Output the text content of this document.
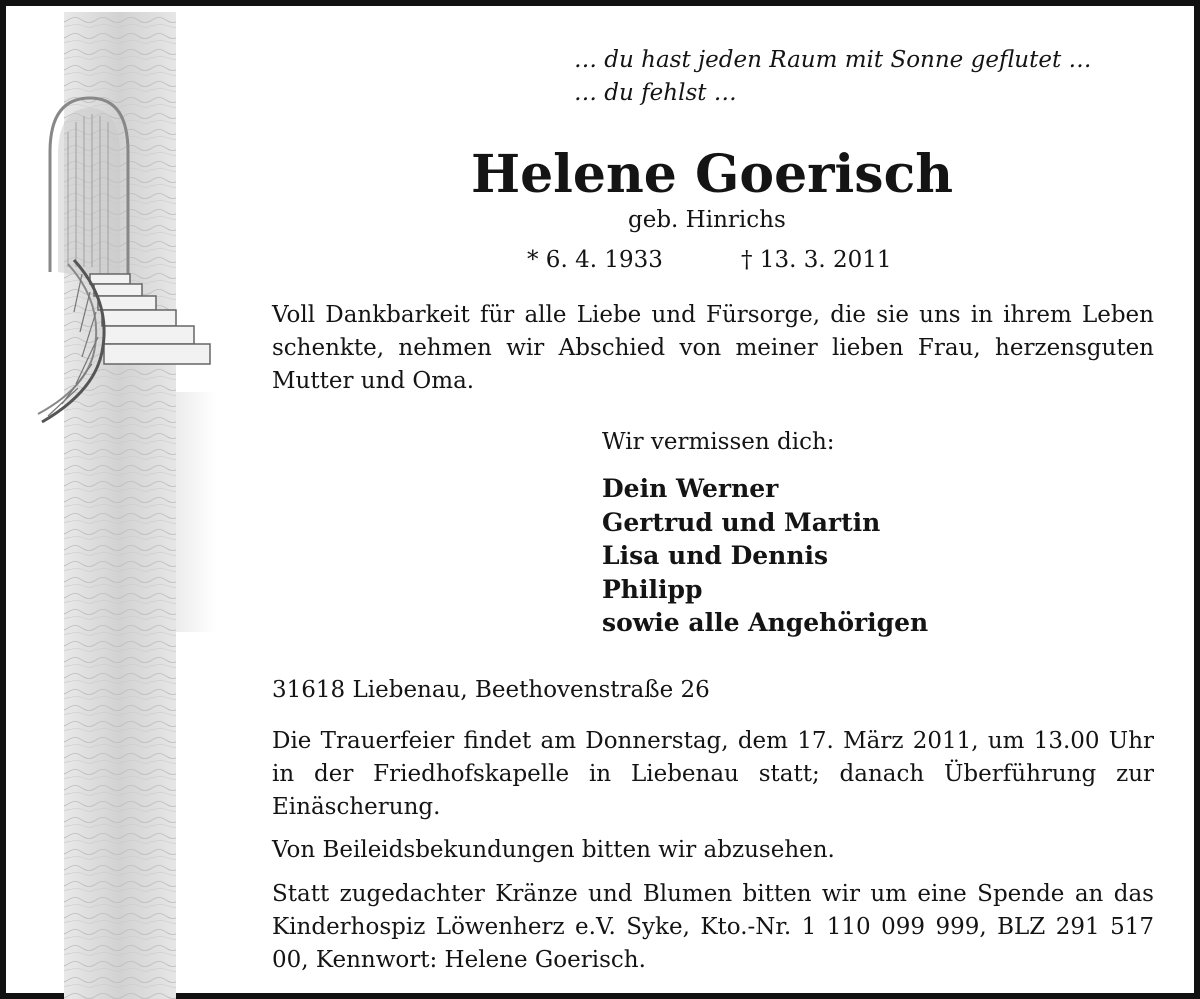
… du hast jeden Raum mit Sonne geflutet …
… du fehlst …

Helene Goerisch

geb. Hinrichs

* 6. 4. 1933	† 13. 3. 2011

Voll Dankbarkeit für alle Liebe und Fürsorge, die sie uns in ihrem Leben schenkte, nehmen wir Abschied von meiner lieben Frau, herzensguten Mutter und Oma.

Wir vermissen dich:

Dein Werner
Gertrud und Martin
Lisa und Dennis
Philipp
sowie alle Angehörigen

31618 Liebenau, Beethovenstraße 26

Die Trauerfeier findet am Donnerstag, dem 17. März 2011, um 13.00 Uhr in der Friedhofskapelle in Liebenau statt; danach Überführung zur Einäscherung.

Von Beileidsbekundungen bitten wir abzusehen.

Statt zugedachter Kränze und Blumen bitten wir um eine Spende an das Kinderhospiz Löwenherz e.V. Syke, Kto.-Nr. 1 110 099 999, BLZ 291 517 00, Kennwort: Helene Goerisch.
